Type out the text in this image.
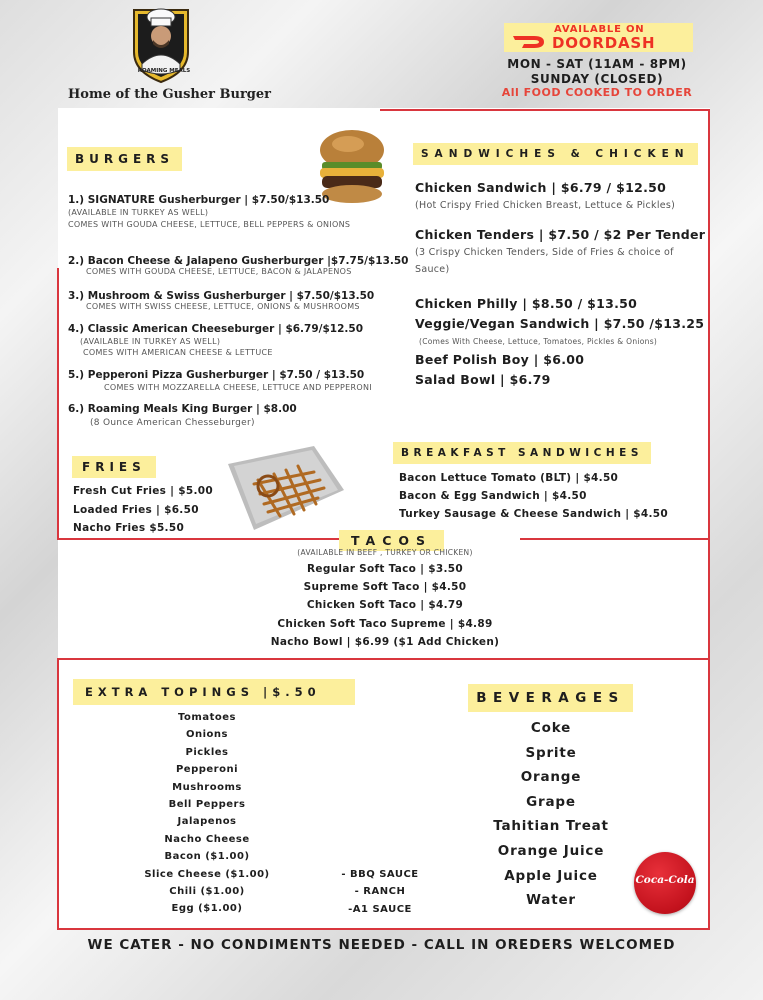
ROAMING MEALS
Home of the Gusher Burger
AVAILABLE ON
DOORDASH
MON - SAT (11AM - 8PM)
SUNDAY (CLOSED)
All FOOD COOKED TO ORDER
BURGERS
1.) SIGNATURE Gusherburger | $7.50/$13.50
(AVAILABLE IN TURKEY AS WELL)
COMES WITH GOUDA CHEESE, LETTUCE, BELL PEPPERS & ONIONS
2.) Bacon Cheese & Jalapeno Gusherburger |$7.75/$13.50
COMES WITH GOUDA CHEESE, LETTUCE, BACON & JALAPENOS
3.) Mushroom & Swiss Gusherburger | $7.50/$13.50
COMES WITH SWISS CHEESE, LETTUCE, ONIONS & MUSHROOMS
4.) Classic American Cheeseburger | $6.79/$12.50
(AVAILABLE IN TURKEY AS WELL)
COMES WITH AMERICAN CHEESE & LETTUCE
5.) Pepperoni Pizza Gusherburger | $7.50 / $13.50
COMES WITH MOZZARELLA CHEESE, LETTUCE AND PEPPERONI
6.) Roaming Meals King Burger | $8.00
(8 Ounce American Chesseburger)
SANDWICHES & CHICKEN
Chicken Sandwich | $6.79 / $12.50
(Hot Crispy Fried Chicken Breast, Lettuce & Pickles)
Chicken Tenders | $7.50 / $2 Per Tender
(3 Crispy Chicken Tenders, Side of Fries & choice of Sauce)
Chicken Philly | $8.50 / $13.50
Veggie/Vegan Sandwich | $7.50 /$13.25
(Comes With Cheese, Lettuce, Tomatoes, Pickles & Onions)
Beef Polish Boy | $6.00
Salad Bowl | $6.79
FRIES
Fresh Cut Fries | $5.00
Loaded Fries | $6.50
Nacho Fries $5.50
BREAKFAST SANDWICHES
Bacon Lettuce Tomato (BLT) | $4.50
Bacon & Egg Sandwich | $4.50
Turkey Sausage & Cheese Sandwich | $4.50
TACOS
(AVAILABLE IN BEEF , TURKEY OR CHICKEN)
Regular Soft Taco | $3.50
Supreme Soft Taco | $4.50
Chicken Soft Taco | $4.79
Chicken Soft Taco Supreme | $4.89
Nacho Bowl | $6.99 ($1 Add Chicken)
EXTRA TOPINGS |$.50
Tomatoes
Onions
Pickles
Pepperoni
Mushrooms
Bell Peppers
Jalapenos
Nacho Cheese
Bacon ($1.00)
Slice Cheese ($1.00)
Chili ($1.00)
Egg ($1.00)
- BBQ SAUCE
- RANCH
-A1 SAUCE
BEVERAGES
Coke
Sprite
Orange
Grape
Tahitian Treat
Orange Juice
Apple Juice
Water
Coca-Cola
WE CATER - NO CONDIMENTS NEEDED - CALL IN OREDERS WELCOMED
